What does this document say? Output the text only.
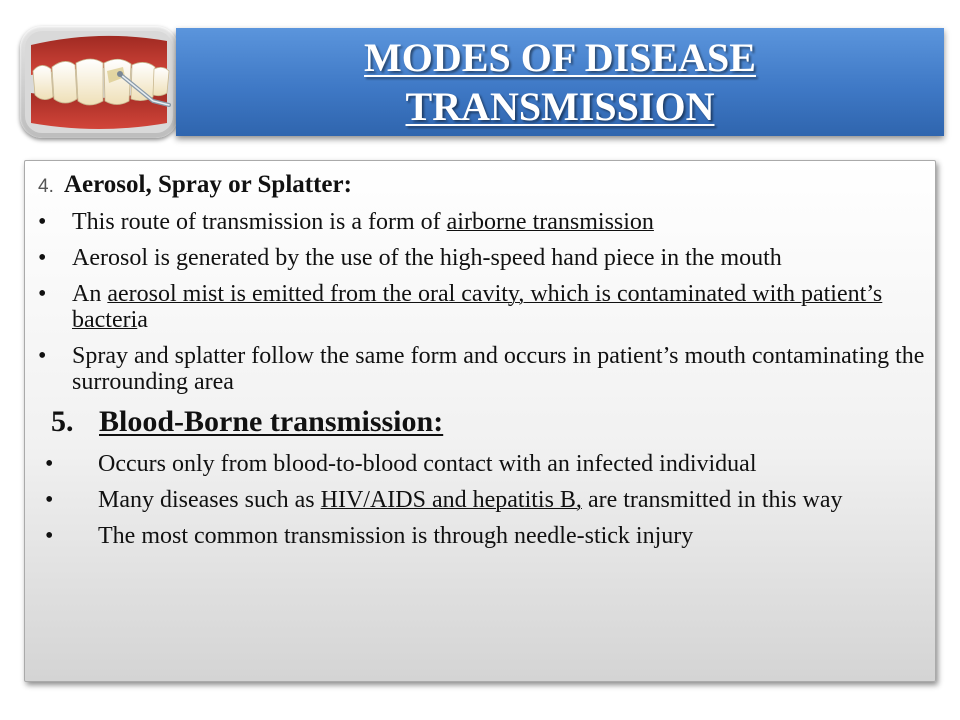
MODES OF DISEASE
TRANSMISSION
4. Aerosol, Spray or Splatter:
• This route of transmission is a form of airborne transmission
• Aerosol is generated by the use of the high-speed hand piece in the mouth
• An aerosol mist is emitted from the oral cavity, which is contaminated with patient’s bacteria
• Spray and splatter follow the same form and occurs in patient’s mouth contaminating the surrounding area
5. Blood-Borne transmission:
• Occurs only from blood-to-blood contact with an infected individual
• Many diseases such as HIV/AIDS and hepatitis B, are transmitted in this way
• The most common transmission is through needle-stick injury
